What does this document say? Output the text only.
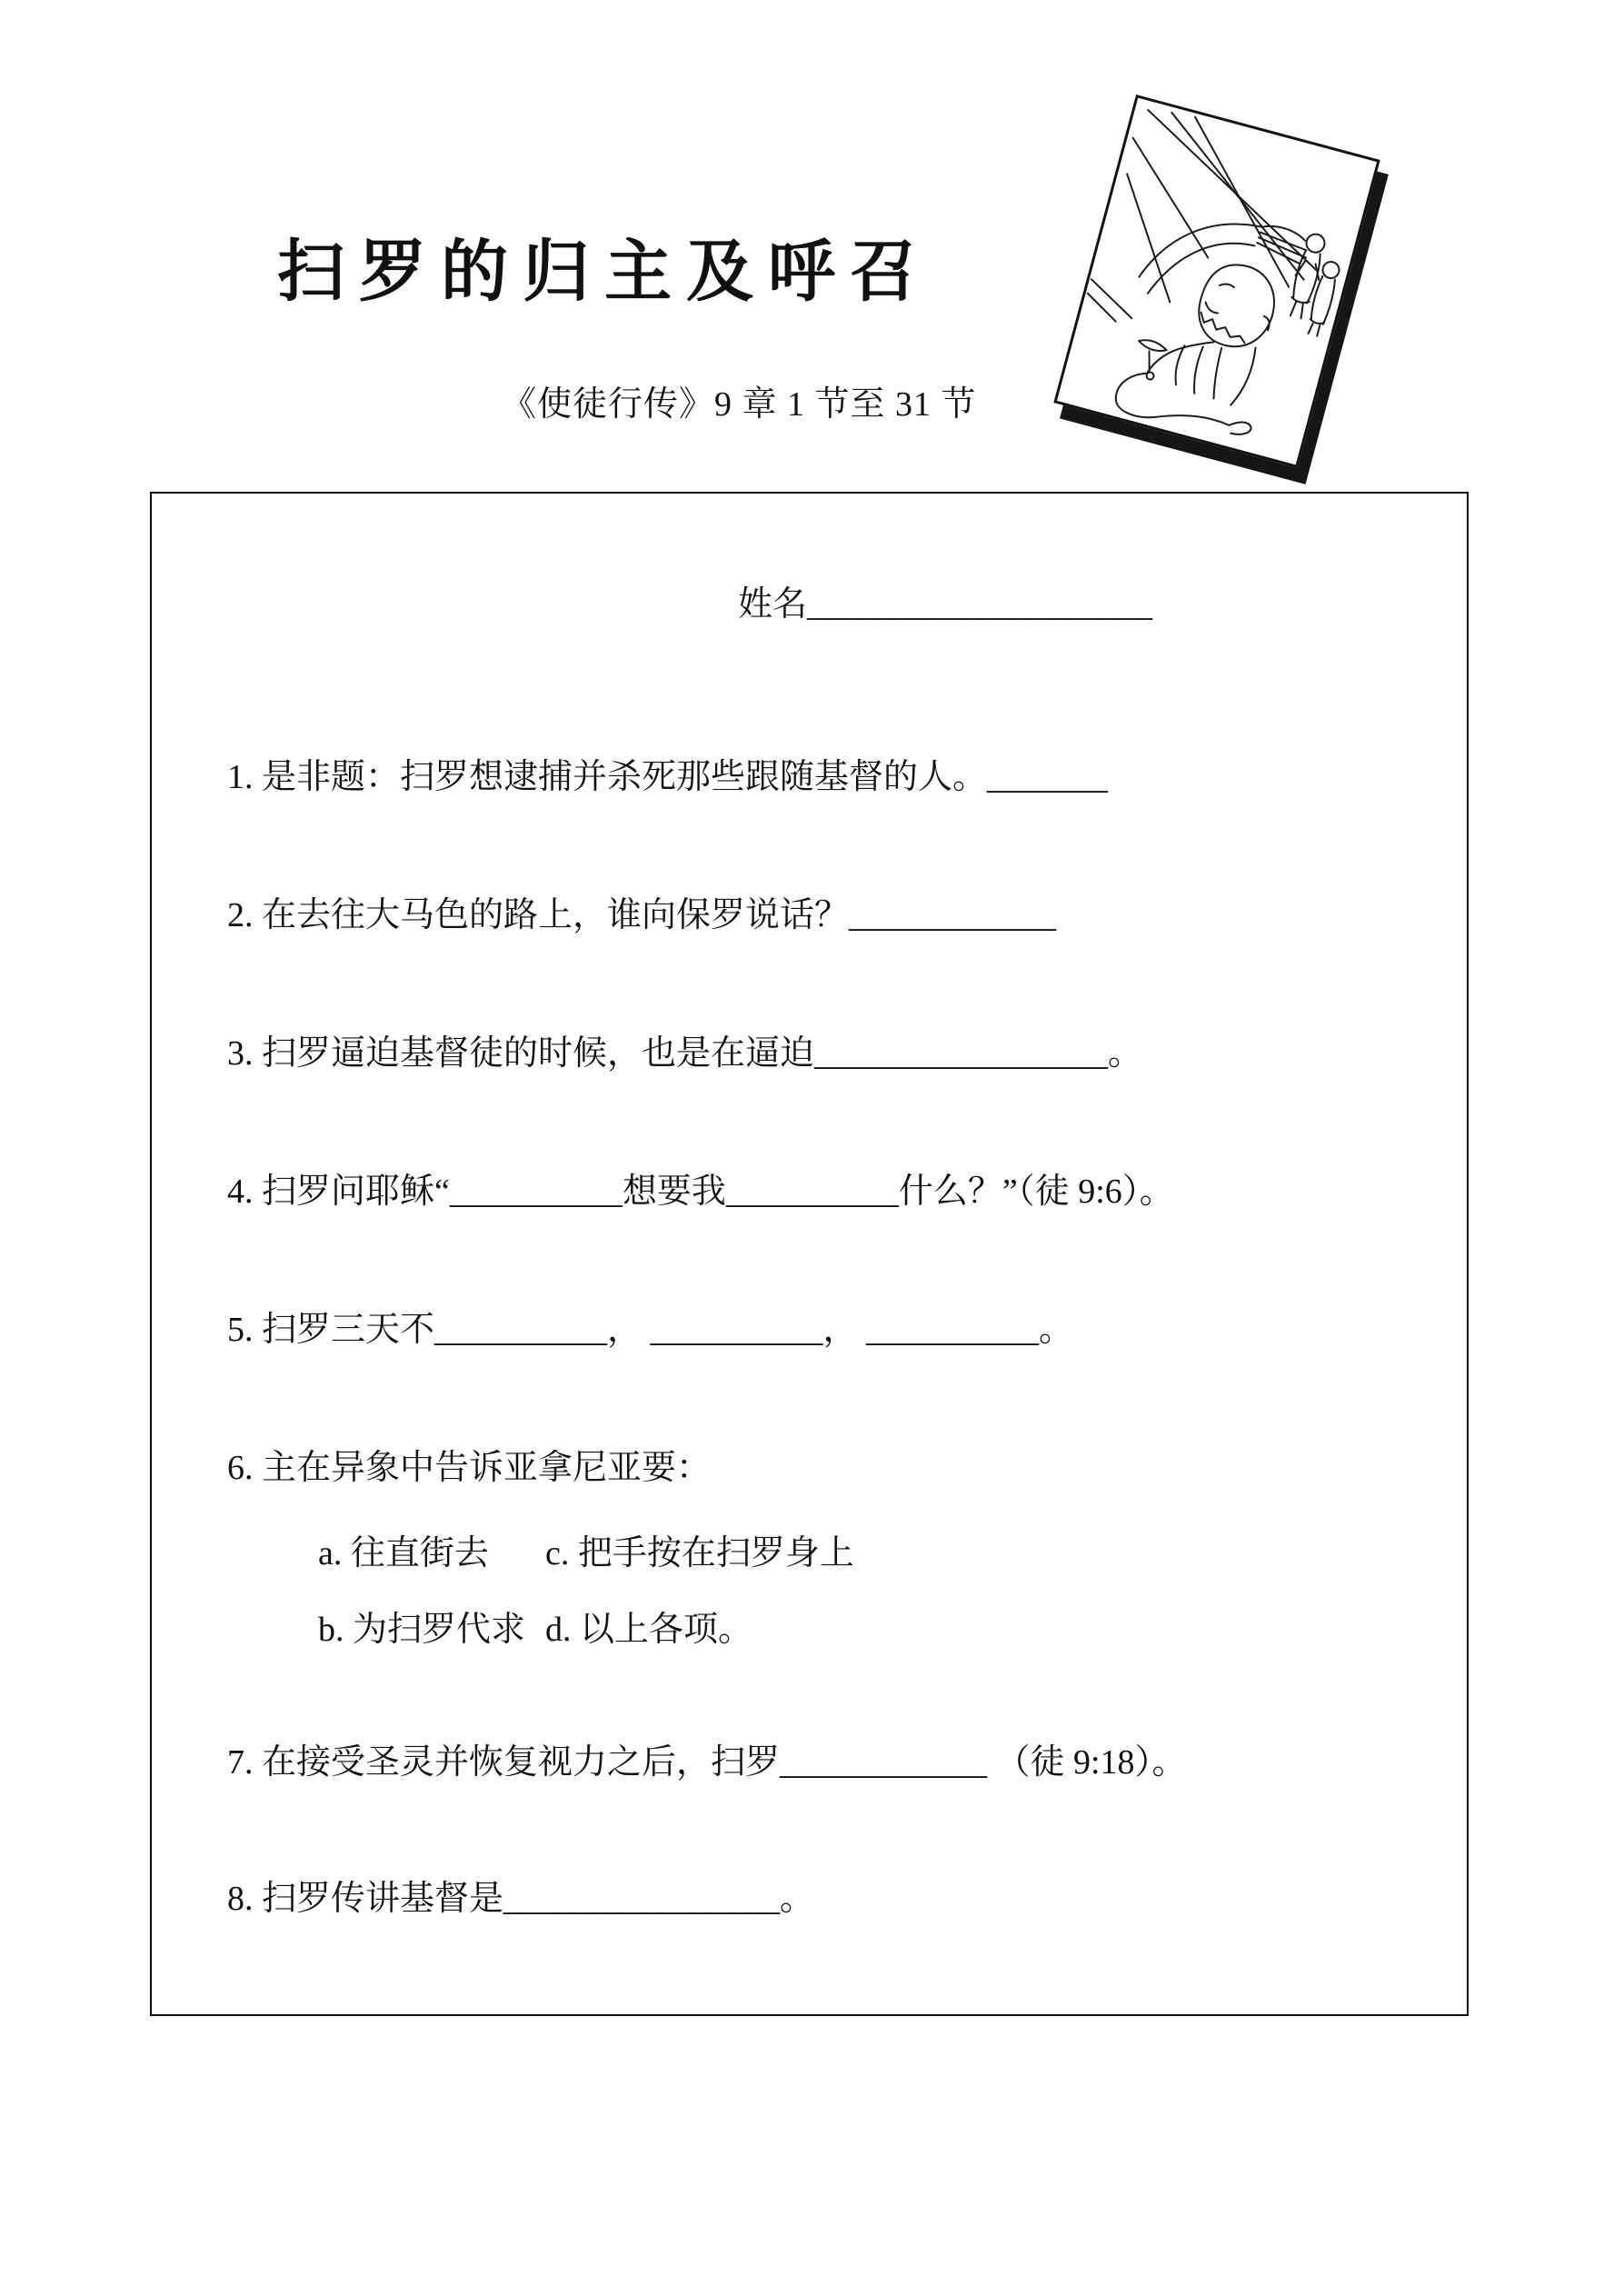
扫罗的归主及呼召
《使徒行传》9 章 1 节至 31 节
姓名____________________

1. 是非题：扫罗想逮捕并杀死那些跟随基督的人。_______

2. 在去往大马色的路上，谁向保罗说话？____________

3. 扫罗逼迫基督徒的时候，也是在逼迫_________________。

4. 扫罗问耶稣“__________想要我__________什么？”（徒 9:6）。

5. 扫罗三天不__________， __________， __________。

6. 主在异象中告诉亚拿尼亚要：

a. 往直街去	c. 把手按在扫罗身上
b. 为扫罗代求 d. 以上各项。

7. 在接受圣灵并恢复视力之后，扫罗____________ （徒 9:18）。

8. 扫罗传讲基督是________________。
